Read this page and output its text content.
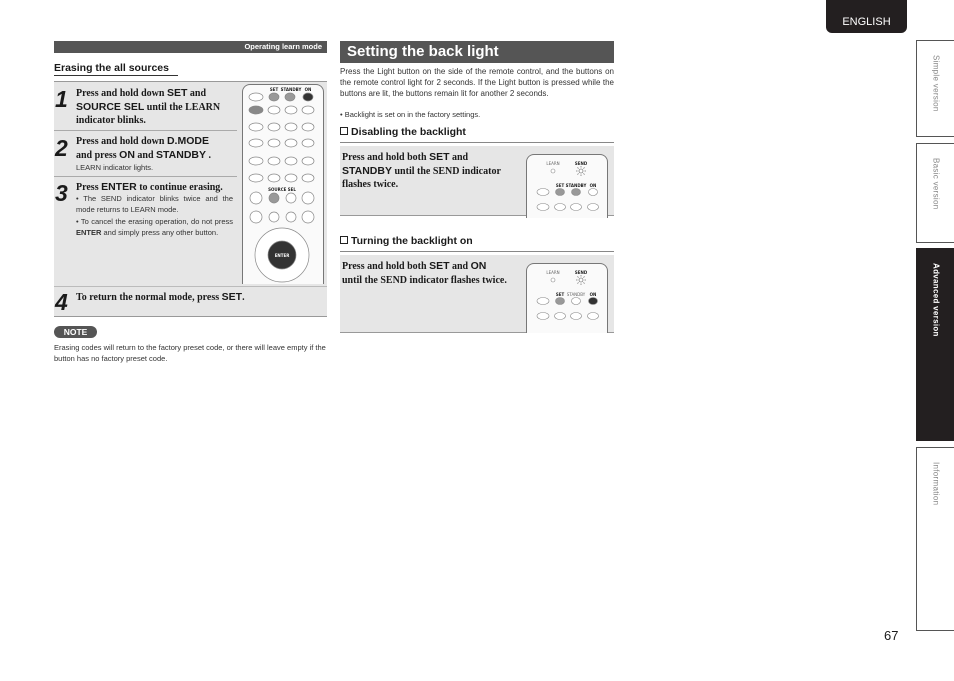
ENGLISH
Simple version
Basic version
Advanced version
Information
67
Operating learn mode
Erasing the all sources
1 Press and hold down SET and
SOURCE SEL until the LEARN indicator blinks.
2 Press and hold down D.MODE
and press ON and STANDBY .
LEARN indicator lights.
3 Press ENTER to continue erasing.
• The SEND indicator blinks twice and the mode returns to LEARN mode.
• To cancel the erasing operation, do not press ENTER and simply press any other button.
SET STANDBY ON
SOURCE SEL
ENTER
4 To return the normal mode, press SET.
NOTE
Erasing codes will return to the factory preset code, or there will leave empty if the button has no factory preset code.
Setting the back light
Press the Light button on the side of the remote control, and the buttons on the remote control light for 2 seconds. If the Light button is pressed while the buttons are lit, the buttons remain lit for another 2 seconds.
• Backlight is set on in the factory settings.
Disabling the backlight
Press and hold both SET and
STANDBY until the SEND indicator flashes twice.
LEARN	SEND
SET STANDBY ON
Turning the backlight on
Press and hold both SET and ON
until the SEND indicator flashes twice.
LEARN	SEND
SET STANDBY ON
